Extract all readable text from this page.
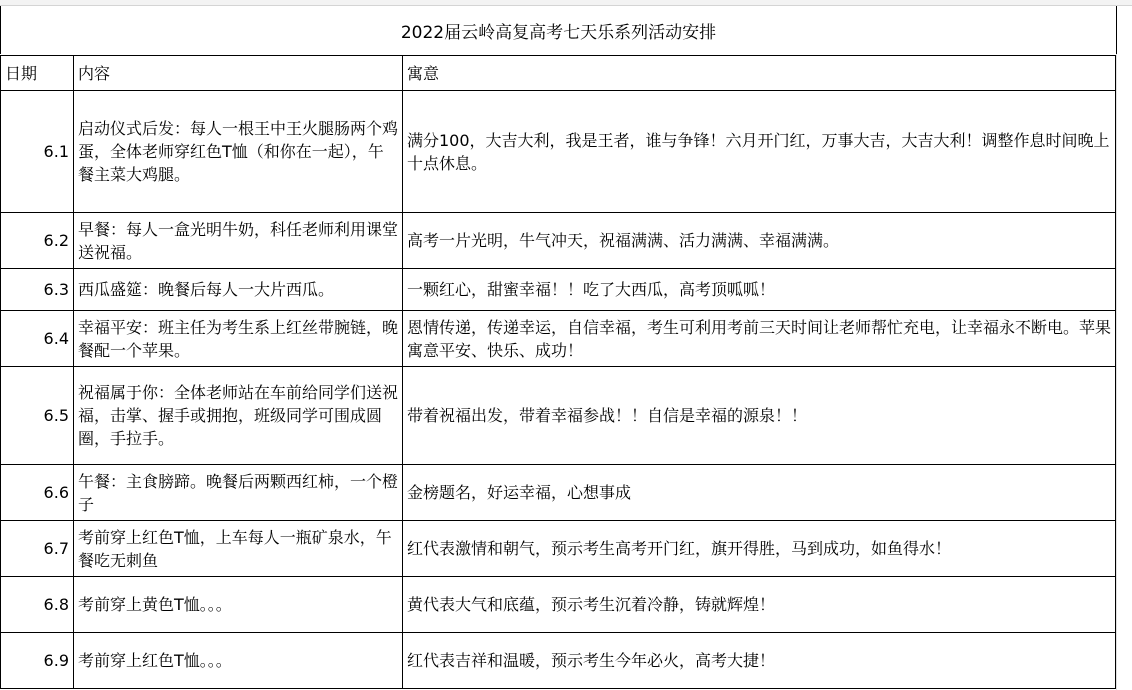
2022届云岭高复高考七天乐系列活动安排
日期	内容	寓意
6.1	启动仪式后发：每人一根王中王火腿肠两个鸡蛋，全体老师穿红色T恤（和你在一起），午餐主菜大鸡腿。	满分100，大吉大利，我是王者，谁与争锋！六月开门红，万事大吉，大吉大利！调整作息时间晚上十点休息。
6.2	早餐：每人一盒光明牛奶，科任老师利用课堂送祝福。	高考一片光明，牛气冲天，祝福满满、活力满满、幸福满满。
6.3	西瓜盛筵：晚餐后每人一大片西瓜。	一颗红心，甜蜜幸福！！吃了大西瓜，高考顶呱呱！
6.4	幸福平安：班主任为考生系上红丝带腕链，晚餐配一个苹果。	恩情传递，传递幸运，自信幸福，考生可利用考前三天时间让老师帮忙充电，让幸福永不断电。苹果寓意平安、快乐、成功！
6.5	祝福属于你：全体老师站在车前给同学们送祝福，击掌、握手或拥抱，班级同学可围成圆圈，手拉手。	带着祝福出发，带着幸福参战！！自信是幸福的源泉！！
6.6	午餐：主食膀蹄。晚餐后两颗西红柿，一个橙子	金榜题名，好运幸福，心想事成
6.7	考前穿上红色T恤，上车每人一瓶矿泉水，午餐吃无刺鱼	红代表激情和朝气，预示考生高考开门红，旗开得胜，马到成功，如鱼得水！
6.8	考前穿上黄色T恤。。。	黄代表大气和底蕴，预示考生沉着冷静，铸就辉煌！
6.9	考前穿上红色T恤。。。	红代表吉祥和温暖，预示考生今年必火，高考大捷！
